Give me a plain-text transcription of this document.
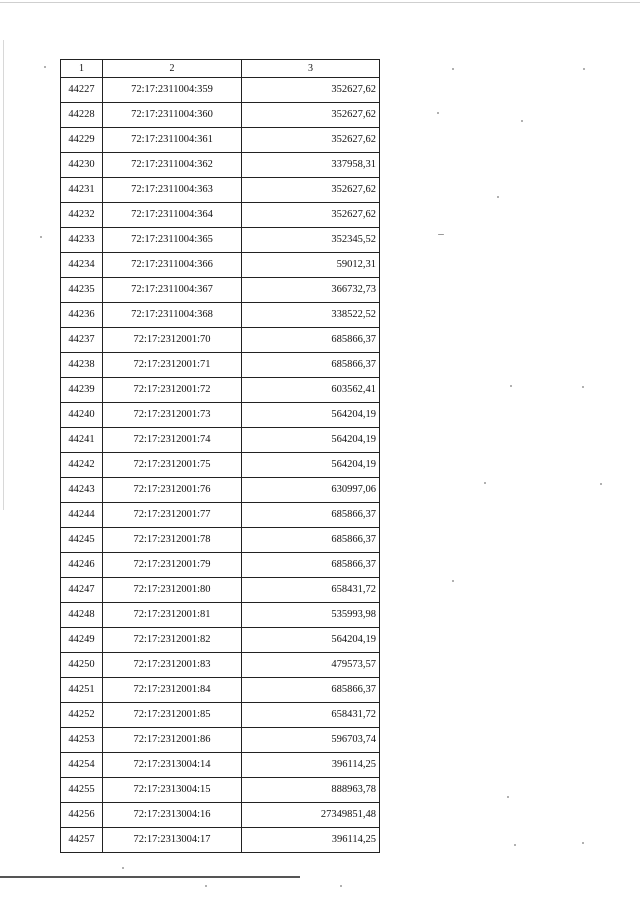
1	2	3
44227	72:17:2311004:359	352627,62
44228	72:17:2311004:360	352627,62
44229	72:17:2311004:361	352627,62
44230	72:17:2311004:362	337958,31
44231	72:17:2311004:363	352627,62
44232	72:17:2311004:364	352627,62
44233	72:17:2311004:365	352345,52
44234	72:17:2311004:366	59012,31
44235	72:17:2311004:367	366732,73
44236	72:17:2311004:368	338522,52
44237	72:17:2312001:70	685866,37
44238	72:17:2312001:71	685866,37
44239	72:17:2312001:72	603562,41
44240	72:17:2312001:73	564204,19
44241	72:17:2312001:74	564204,19
44242	72:17:2312001:75	564204,19
44243	72:17:2312001:76	630997,06
44244	72:17:2312001:77	685866,37
44245	72:17:2312001:78	685866,37
44246	72:17:2312001:79	685866,37
44247	72:17:2312001:80	658431,72
44248	72:17:2312001:81	535993,98
44249	72:17:2312001:82	564204,19
44250	72:17:2312001:83	479573,57
44251	72:17:2312001:84	685866,37
44252	72:17:2312001:85	658431,72
44253	72:17:2312001:86	596703,74
44254	72:17:2313004:14	396114,25
44255	72:17:2313004:15	888963,78
44256	72:17:2313004:16	27349851,48
44257	72:17:2313004:17	396114,25
